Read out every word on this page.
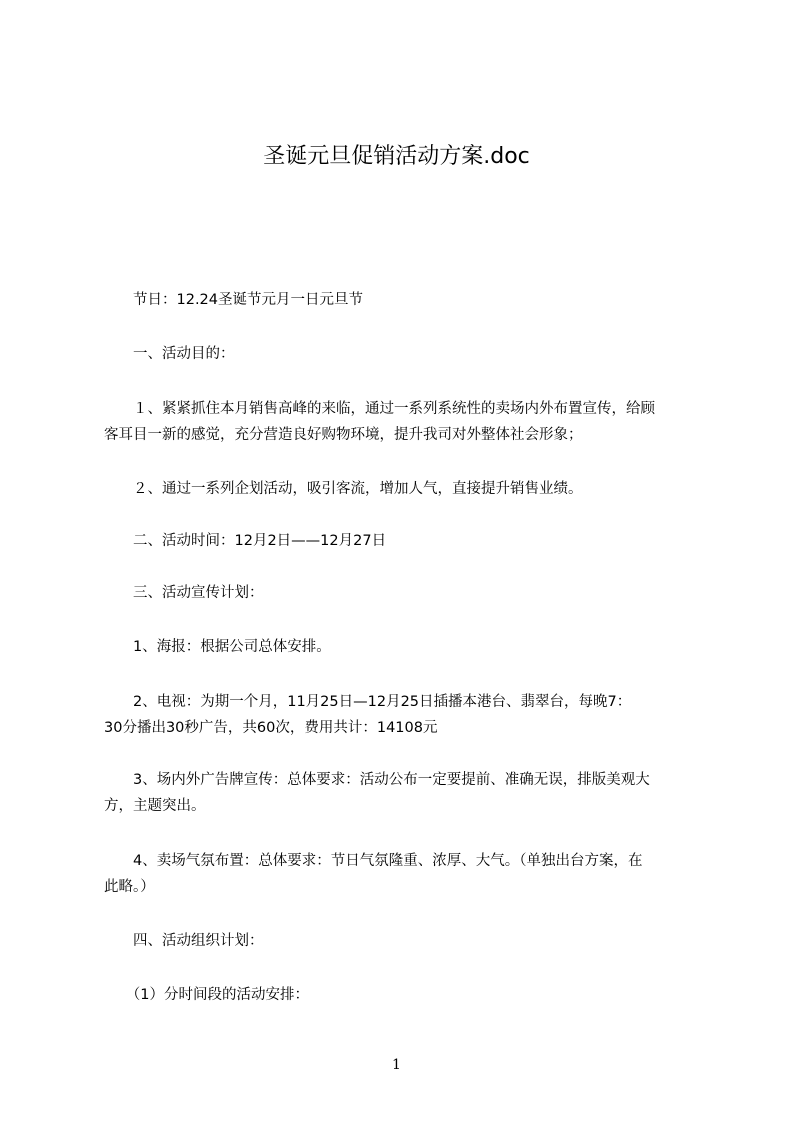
圣诞元旦促销活动方案.doc

　　节日：12.24圣诞节元月一日元旦节

　　一、活动目的：

　　１、紧紧抓住本月销售高峰的来临，通过一系列系统性的卖场内外布置宣传，给顾
客耳目一新的感觉，充分营造良好购物环境，提升我司对外整体社会形象；

　　２、通过一系列企划活动，吸引客流，增加人气，直接提升销售业绩。

　　二、活动时间：12月2日——12月27日

　　三、活动宣传计划：

　　1、海报：根据公司总体安排。

　　2、电视：为期一个月，11月25日—12月25日插播本港台、翡翠台，每晚7：
30分播出30秒广告，共60次，费用共计：14108元

　　3、场内外广告牌宣传：总体要求：活动公布一定要提前、准确无误，排版美观大
方，主题突出。

　　4、卖场气氛布置：总体要求：节日气氛隆重、浓厚、大气。（单独出台方案，在
此略。）

　　四、活动组织计划：

　　（1）分时间段的活动安排：

1
